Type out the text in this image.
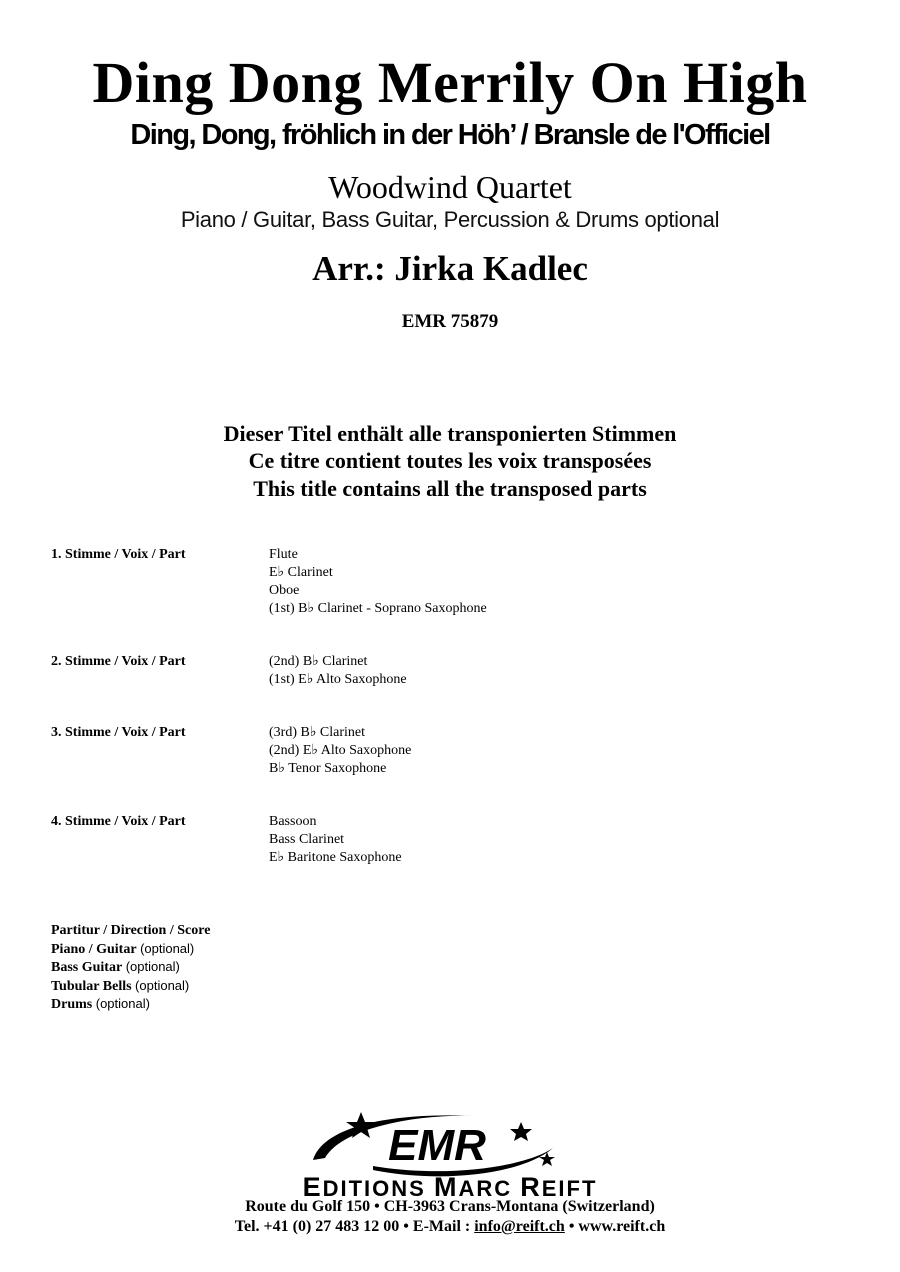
Ding Dong Merrily On High
Ding, Dong, fröhlich in der Höh’ / Bransle de l'Officiel
Woodwind Quartet
Piano / Guitar, Bass Guitar, Percussion & Drums optional
Arr.: Jirka Kadlec
EMR 75879
Dieser Titel enthält alle transponierten Stimmen
Ce titre contient toutes les voix transposées
This title contains all the transposed parts
1. Stimme / Voix / Part	Flute
E♭ Clarinet
Oboe
(1st) B♭ Clarinet - Soprano Saxophone
2. Stimme / Voix / Part	(2nd) B♭ Clarinet
(1st) E♭ Alto Saxophone
3. Stimme / Voix / Part	(3rd) B♭ Clarinet
(2nd) E♭ Alto Saxophone
B♭ Tenor Saxophone
4. Stimme / Voix / Part	Bassoon
Bass Clarinet
E♭ Baritone Saxophone
Partitur / Direction / Score
Piano / Guitar (optional)
Bass Guitar (optional)
Tubular Bells (optional)
Drums (optional)
EMR
EDITIONS MARC REIFT
Route du Golf 150 • CH-3963 Crans-Montana (Switzerland)
Tel. +41 (0) 27 483 12 00 • E-Mail : info@reift.ch • www.reift.ch
